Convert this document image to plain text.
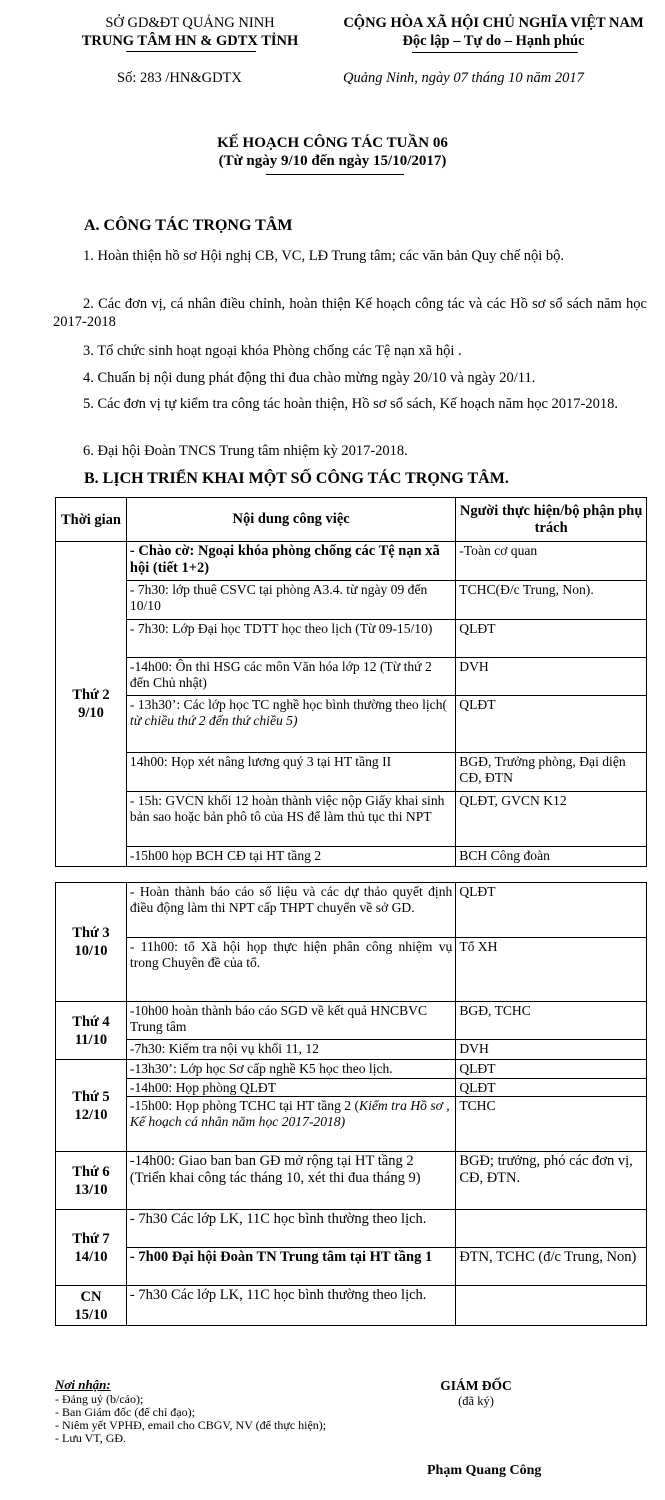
SỞ GD&ĐT QUẢNG NINH
TRUNG TÂM HN & GDTX TỈNH
CỘNG HÒA XÃ HỘI CHỦ NGHĨA VIỆT NAM
Độc lập – Tự do – Hạnh phúc
Số: 283 /HN&GDTX	Quảng Ninh, ngày 07 tháng 10 năm 2017
KẾ HOẠCH CÔNG TÁC TUẦN 06
(Từ ngày 9/10 đến ngày 15/10/2017)
A. CÔNG TÁC TRỌNG TÂM
1. Hoàn thiện hồ sơ Hội nghị CB, VC, LĐ Trung tâm; các văn bản Quy chế nội bộ.
2. Các đơn vị, cá nhân điều chỉnh, hoàn thiện Kế hoạch công tác và các Hồ sơ sổ sách năm học 2017-2018
3. Tổ chức sinh hoạt ngoại khóa Phòng chống các Tệ nạn xã hội .
4. Chuẩn bị nội dung phát động thi đua chào mừng ngày 20/10 và ngày 20/11.
5. Các đơn vị tự kiểm tra công tác hoàn thiện, Hồ sơ sổ sách, Kế hoạch năm học 2017-2018.
6. Đại hội Đoàn TNCS Trung tâm nhiệm kỳ 2017-2018.
B. LỊCH TRIỂN KHAI MỘT SỐ CÔNG TÁC TRỌNG TÂM.
Thời gian	Nội dung công việc	Người thực hiện/bộ phận phụ trách

Thứ 2
9/10	- Chào cờ: Ngoại khóa phòng chống các Tệ nạn xã hội (tiết 1+2)	-Toàn cơ quan
	- 7h30: lớp thuê CSVC tại phòng A3.4. từ ngày 09 đến 10/10	TCHC(Đ/c Trung, Non).
	- 7h30: Lớp Đại học TDTT học theo lịch (Từ 09-15/10)	QLĐT
	-14h00: Ôn thi HSG các môn Văn hóa lớp 12 (Từ thứ 2 đến Chủ nhật)	DVH
	- 13h30’: Các lớp học TC nghề học bình thường theo lịch( từ chiều thứ 2 đến thứ chiều 5)	QLĐT
	14h00: Họp xét nâng lương quý 3 tại HT tầng II	BGĐ, Trưởng phòng, Đại diện CĐ, ĐTN
	- 15h: GVCN khối 12 hoàn thành việc nộp Giấy khai sinh bản sao hoặc bản phô tô của HS để làm thủ tục thi NPT	QLĐT, GVCN K12
	-15h00 họp BCH CĐ tại HT tầng 2	BCH Công đoàn
Thứ 3
10/10	- Hoàn thành báo cáo số liệu và các dự thảo quyết định điều động làm thi NPT cấp THPT chuyển về sở GD.	QLĐT
	- 11h00: tổ Xã hội họp thực hiện phân công nhiệm vụ trong Chuyên đề của tổ.	Tổ XH

Thứ 4
11/10	-10h00 hoàn thành báo cáo SGD về kết quả HNCBVC Trung tâm	BGĐ, TCHC
	-7h30: Kiểm tra nội vụ khối 11, 12	DVH

Thứ 5
12/10	-13h30’: Lớp học Sơ cấp nghề K5 học theo lịch.	QLĐT
	-14h00: Họp phòng QLĐT	QLĐT
	-15h00: Họp phòng TCHC tại HT tầng 2 (Kiểm tra Hồ sơ , Kế hoạch cá nhân năm học 2017-2018)	TCHC

Thứ 6
13/10	-14h00: Giao ban ban GĐ mở rộng tại HT tầng 2 (Triển khai công tác tháng 10, xét thi đua tháng 9)	BGĐ; trưởng, phó các đơn vị, CĐ, ĐTN.

Thứ 7
14/10	- 7h30 Các lớp LK, 11C học bình thường theo lịch.	
	- 7h00 Đại hội Đoàn TN Trung tâm tại HT tầng 1	ĐTN, TCHC (đ/c Trung, Non)

CN
15/10	- 7h30 Các lớp LK, 11C học bình thường theo lịch.	
Nơi nhận:
- Đảng uỷ (b/cáo);
- Ban Giám đốc (để chỉ đạo);
- Niêm yết VPHĐ, email cho CBGV, NV (để thực hiện);
- Lưu VT, GĐ.
GIÁM ĐỐC
(đã ký)
Phạm Quang Công
